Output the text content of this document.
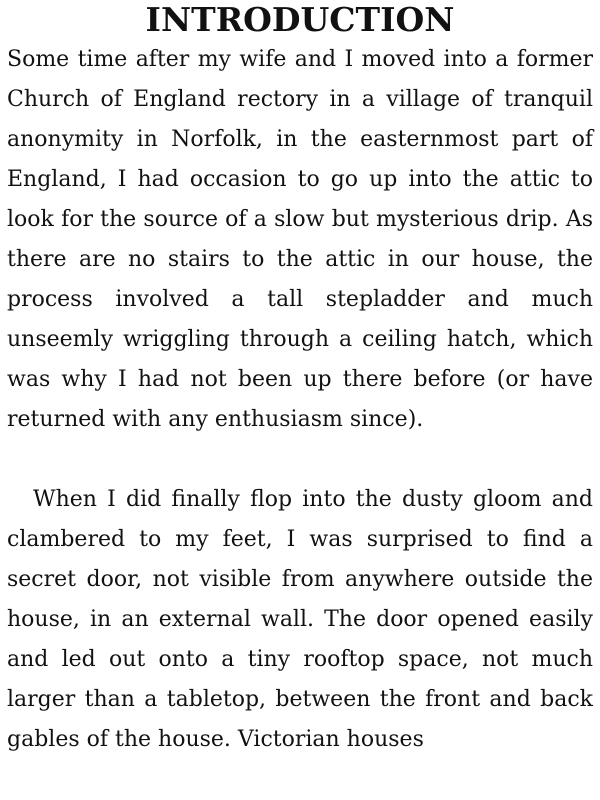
INTRODUCTION

Some time after my wife and I moved into a former Church of England rectory in a village of tranquil anonymity in Norfolk, in the easternmost part of England, I had occasion to go up into the attic to look for the source of a slow but mysterious drip. As there are no stairs to the attic in our house, the process involved a tall stepladder and much unseemly wriggling through a ceiling hatch, which was why I had not been up there before (or have returned with any enthusiasm since).

When I did finally flop into the dusty gloom and clambered to my feet, I was surprised to find a secret door, not visible from anywhere outside the house, in an external wall. The door opened easily and led out onto a tiny rooftop space, not much larger than a tabletop, between the front and back gables of the house. Victorian houses
